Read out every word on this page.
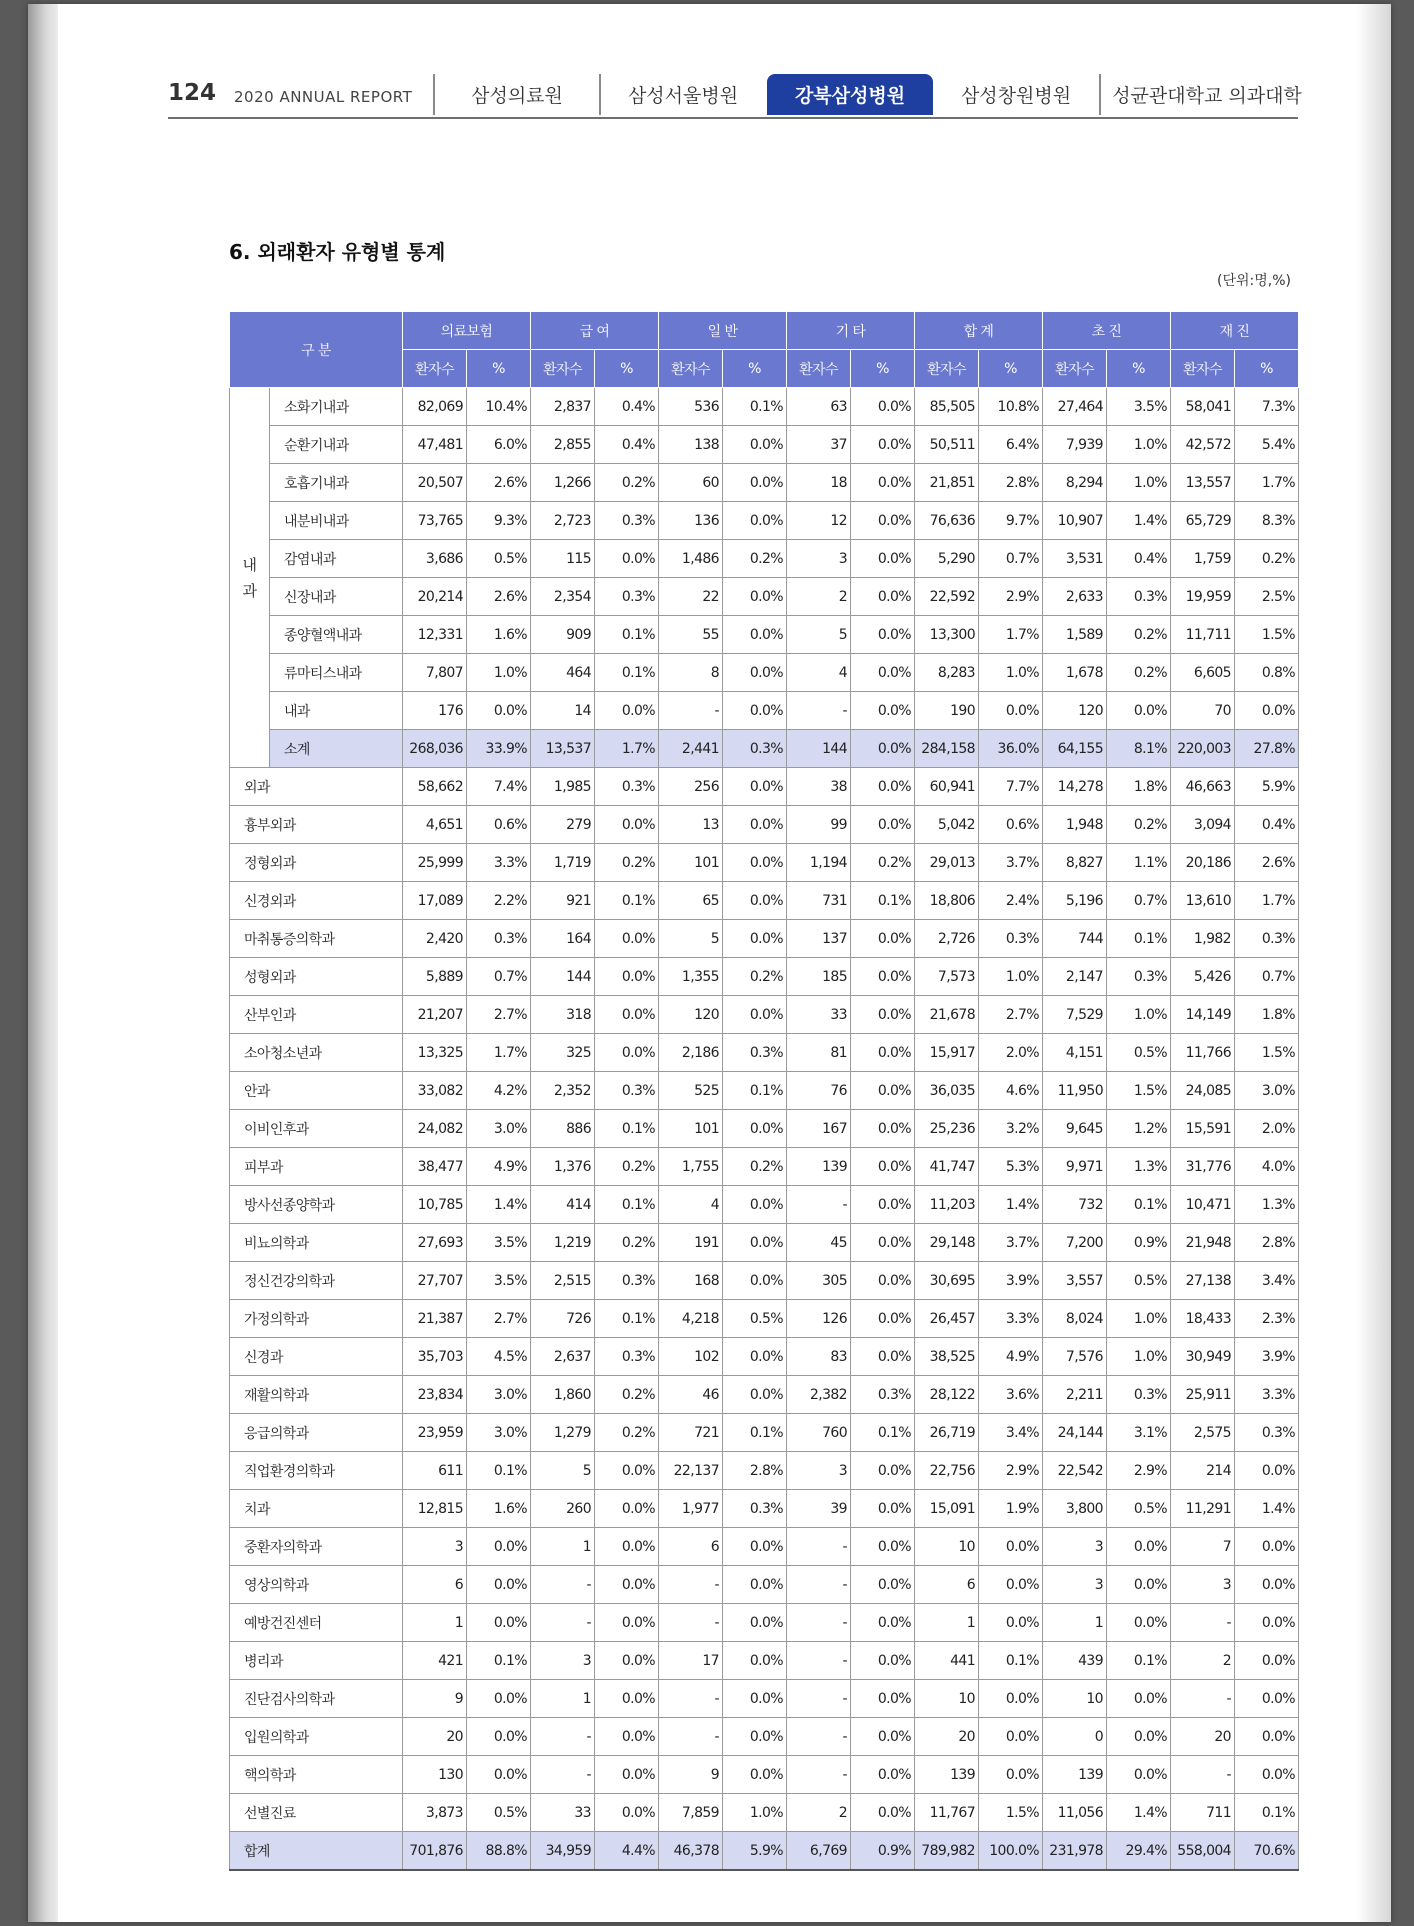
124 2020 ANNUAL REPORT	삼성의료원	삼성서울병원	강북삼성병원	삼성창원병원	성균관대학교 의과대학
6. 외래환자 유형별 통계
(단위:명,%)
구 분		의료보험		급 여		일 반		기 타		합 계		초 진		재 진	
		환자수	%	환자수	%	환자수	%	환자수	%	환자수	%	환자수	%	환자수	%
내과	소화기내과	82,069	10.4%	2,837	0.4%	536	0.1%	63	0.0%	85,505	10.8%	27,464	3.5%	58,041	7.3%
	순환기내과	47,481	6.0%	2,855	0.4%	138	0.0%	37	0.0%	50,511	6.4%	7,939	1.0%	42,572	5.4%
	호흡기내과	20,507	2.6%	1,266	0.2%	60	0.0%	18	0.0%	21,851	2.8%	8,294	1.0%	13,557	1.7%
	내분비내과	73,765	9.3%	2,723	0.3%	136	0.0%	12	0.0%	76,636	9.7%	10,907	1.4%	65,729	8.3%
	감염내과	3,686	0.5%	115	0.0%	1,486	0.2%	3	0.0%	5,290	0.7%	3,531	0.4%	1,759	0.2%
	신장내과	20,214	2.6%	2,354	0.3%	22	0.0%	2	0.0%	22,592	2.9%	2,633	0.3%	19,959	2.5%
	종양혈액내과	12,331	1.6%	909	0.1%	55	0.0%	5	0.0%	13,300	1.7%	1,589	0.2%	11,711	1.5%
	류마티스내과	7,807	1.0%	464	0.1%	8	0.0%	4	0.0%	8,283	1.0%	1,678	0.2%	6,605	0.8%
	내과	176	0.0%	14	0.0%	-	0.0%	-	0.0%	190	0.0%	120	0.0%	70	0.0%
	소계	268,036	33.9%	13,537	1.7%	2,441	0.3%	144	0.0%	284,158	36.0%	64,155	8.1%	220,003	27.8%
외과		58,662	7.4%	1,985	0.3%	256	0.0%	38	0.0%	60,941	7.7%	14,278	1.8%	46,663	5.9%
흉부외과		4,651	0.6%	279	0.0%	13	0.0%	99	0.0%	5,042	0.6%	1,948	0.2%	3,094	0.4%
정형외과		25,999	3.3%	1,719	0.2%	101	0.0%	1,194	0.2%	29,013	3.7%	8,827	1.1%	20,186	2.6%
신경외과		17,089	2.2%	921	0.1%	65	0.0%	731	0.1%	18,806	2.4%	5,196	0.7%	13,610	1.7%
마취통증의학과		2,420	0.3%	164	0.0%	5	0.0%	137	0.0%	2,726	0.3%	744	0.1%	1,982	0.3%
성형외과		5,889	0.7%	144	0.0%	1,355	0.2%	185	0.0%	7,573	1.0%	2,147	0.3%	5,426	0.7%
산부인과		21,207	2.7%	318	0.0%	120	0.0%	33	0.0%	21,678	2.7%	7,529	1.0%	14,149	1.8%
소아청소년과		13,325	1.7%	325	0.0%	2,186	0.3%	81	0.0%	15,917	2.0%	4,151	0.5%	11,766	1.5%
안과		33,082	4.2%	2,352	0.3%	525	0.1%	76	0.0%	36,035	4.6%	11,950	1.5%	24,085	3.0%
이비인후과		24,082	3.0%	886	0.1%	101	0.0%	167	0.0%	25,236	3.2%	9,645	1.2%	15,591	2.0%
피부과		38,477	4.9%	1,376	0.2%	1,755	0.2%	139	0.0%	41,747	5.3%	9,971	1.3%	31,776	4.0%
방사선종양학과		10,785	1.4%	414	0.1%	4	0.0%	-	0.0%	11,203	1.4%	732	0.1%	10,471	1.3%
비뇨의학과		27,693	3.5%	1,219	0.2%	191	0.0%	45	0.0%	29,148	3.7%	7,200	0.9%	21,948	2.8%
정신건강의학과		27,707	3.5%	2,515	0.3%	168	0.0%	305	0.0%	30,695	3.9%	3,557	0.5%	27,138	3.4%
가정의학과		21,387	2.7%	726	0.1%	4,218	0.5%	126	0.0%	26,457	3.3%	8,024	1.0%	18,433	2.3%
신경과		35,703	4.5%	2,637	0.3%	102	0.0%	83	0.0%	38,525	4.9%	7,576	1.0%	30,949	3.9%
재활의학과		23,834	3.0%	1,860	0.2%	46	0.0%	2,382	0.3%	28,122	3.6%	2,211	0.3%	25,911	3.3%
응급의학과		23,959	3.0%	1,279	0.2%	721	0.1%	760	0.1%	26,719	3.4%	24,144	3.1%	2,575	0.3%
직업환경의학과		611	0.1%	5	0.0%	22,137	2.8%	3	0.0%	22,756	2.9%	22,542	2.9%	214	0.0%
치과		12,815	1.6%	260	0.0%	1,977	0.3%	39	0.0%	15,091	1.9%	3,800	0.5%	11,291	1.4%
중환자의학과		3	0.0%	1	0.0%	6	0.0%	-	0.0%	10	0.0%	3	0.0%	7	0.0%
영상의학과		6	0.0%	-	0.0%	-	0.0%	-	0.0%	6	0.0%	3	0.0%	3	0.0%
예방건진센터		1	0.0%	-	0.0%	-	0.0%	-	0.0%	1	0.0%	1	0.0%	-	0.0%
병리과		421	0.1%	3	0.0%	17	0.0%	-	0.0%	441	0.1%	439	0.1%	2	0.0%
진단검사의학과		9	0.0%	1	0.0%	-	0.0%	-	0.0%	10	0.0%	10	0.0%	-	0.0%
입원의학과		20	0.0%	-	0.0%	-	0.0%	-	0.0%	20	0.0%	0	0.0%	20	0.0%
핵의학과		130	0.0%	-	0.0%	9	0.0%	-	0.0%	139	0.0%	139	0.0%	-	0.0%
선별진료		3,873	0.5%	33	0.0%	7,859	1.0%	2	0.0%	11,767	1.5%	11,056	1.4%	711	0.1%
합계		701,876	88.8%	34,959	4.4%	46,378	5.9%	6,769	0.9%	789,982	100.0%	231,978	29.4%	558,004	70.6%
